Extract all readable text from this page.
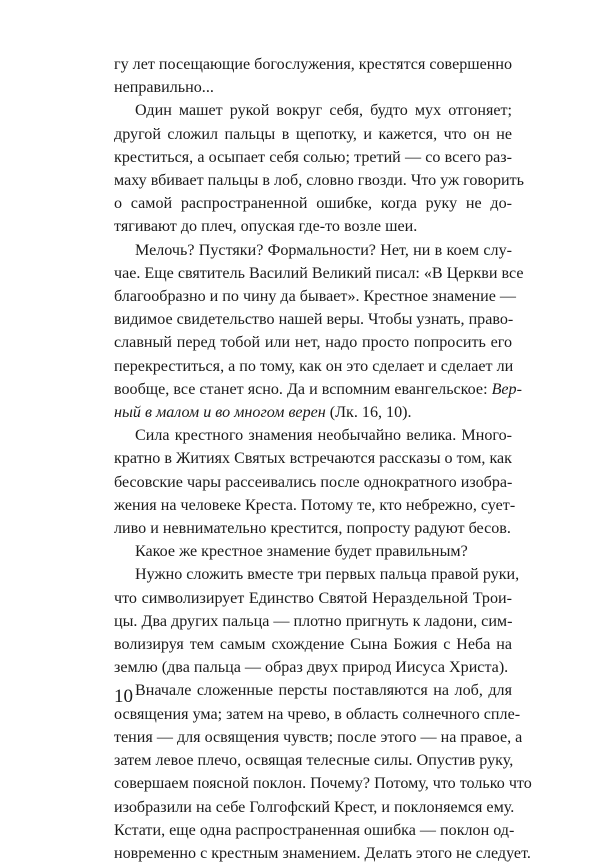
гу лет посещающие богослужения, крестятся совершенно
неправильно...

Один машет рукой вокруг себя, будто мух отгоняет;
другой сложил пальцы в щепотку, и кажется, что он не
креститься, а осыпает себя солью; третий — со всего раз-
маху вбивает пальцы в лоб, словно гвозди. Что уж говорить
о самой распространенной ошибке, когда руку не до-
тягивают до плеч, опуская где-то возле шеи.

Мелочь? Пустяки? Формальности? Нет, ни в коем слу-
чае. Еще святитель Василий Великий писал: «В Церкви все
благообразно и по чину да бывает». Крестное знамение —
видимое свидетельство нашей веры. Чтобы узнать, право-
славный перед тобой или нет, надо просто попросить его
перекреститься, а по тому, как он это сделает и сделает ли
вообще, все станет ясно. Да и вспомним евангельское: Вер-
ный в малом и во многом верен (Лк. 16, 10).

Сила крестного знамения необычайно велика. Много-
кратно в Житиях Святых встречаются рассказы о том, как
бесовские чары рассеивались после однократного изобра-
жения на человеке Креста. Потому те, кто небрежно, сует-
ливо и невнимательно крестится, попросту радуют бесов.

Какое же крестное знамение будет правильным?

Нужно сложить вместе три первых пальца правой руки,
что символизирует Единство Святой Нераздельной Трои-
цы. Два других пальца — плотно пригнуть к ладони, сим-
волизируя тем самым схождение Сына Божия с Неба на
землю (два пальца — образ двух природ Иисуса Христа).

Вначале сложенные персты поставляются на лоб, для
освящения ума; затем на чрево, в область солнечного спле-
тения — для освящения чувств; после этого — на правое, а
затем левое плечо, освящая телесные силы. Опустив руку,
совершаем поясной поклон. Почему? Потому, что только что
изобразили на себе Голгофский Крест, и поклоняемся ему.
Кстати, еще одна распространенная ошибка — поклон од-
новременно с крестным знамением. Делать этого не следует.

10
